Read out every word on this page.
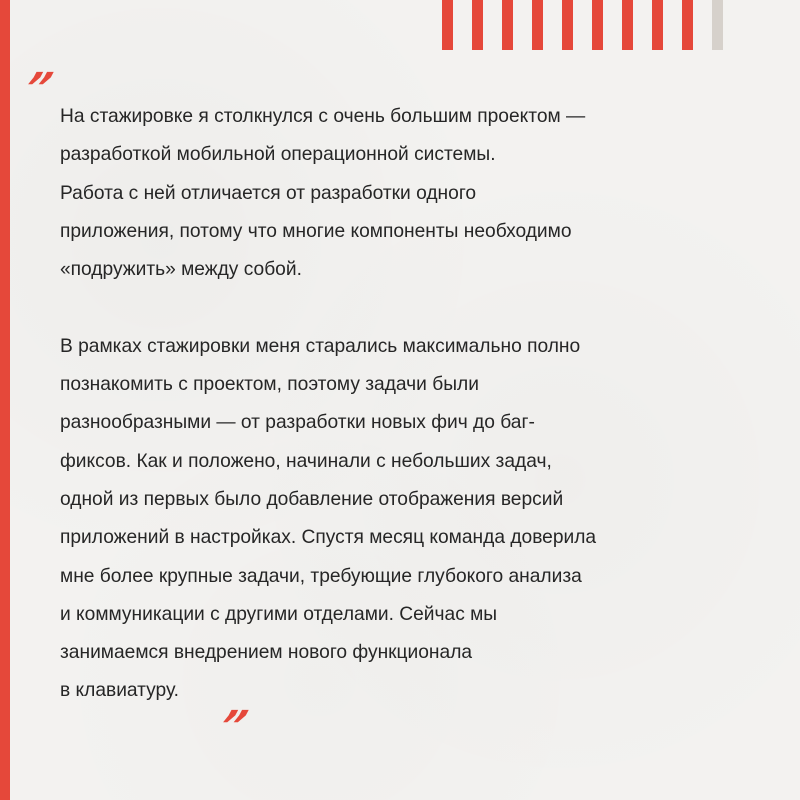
”
На стажировке я столкнулся с очень большим проектом —
разработкой мобильной операционной системы.
Работа с ней отличается от разработки одного
приложения, потому что многие компоненты необходимо
«подружить» между собой.
В рамках стажировки меня старались максимально полно
познакомить с проектом, поэтому задачи были
разнообразными — от разработки новых фич до баг-
фиксов. Как и положено, начинали с небольших задач,
одной из первых было добавление отображения версий
приложений в настройках. Спустя месяц команда доверила
мне более крупные задачи, требующие глубокого анализа
и коммуникации с другими отделами. Сейчас мы
занимаемся внедрением нового функционала
в клавиатуру.
”
